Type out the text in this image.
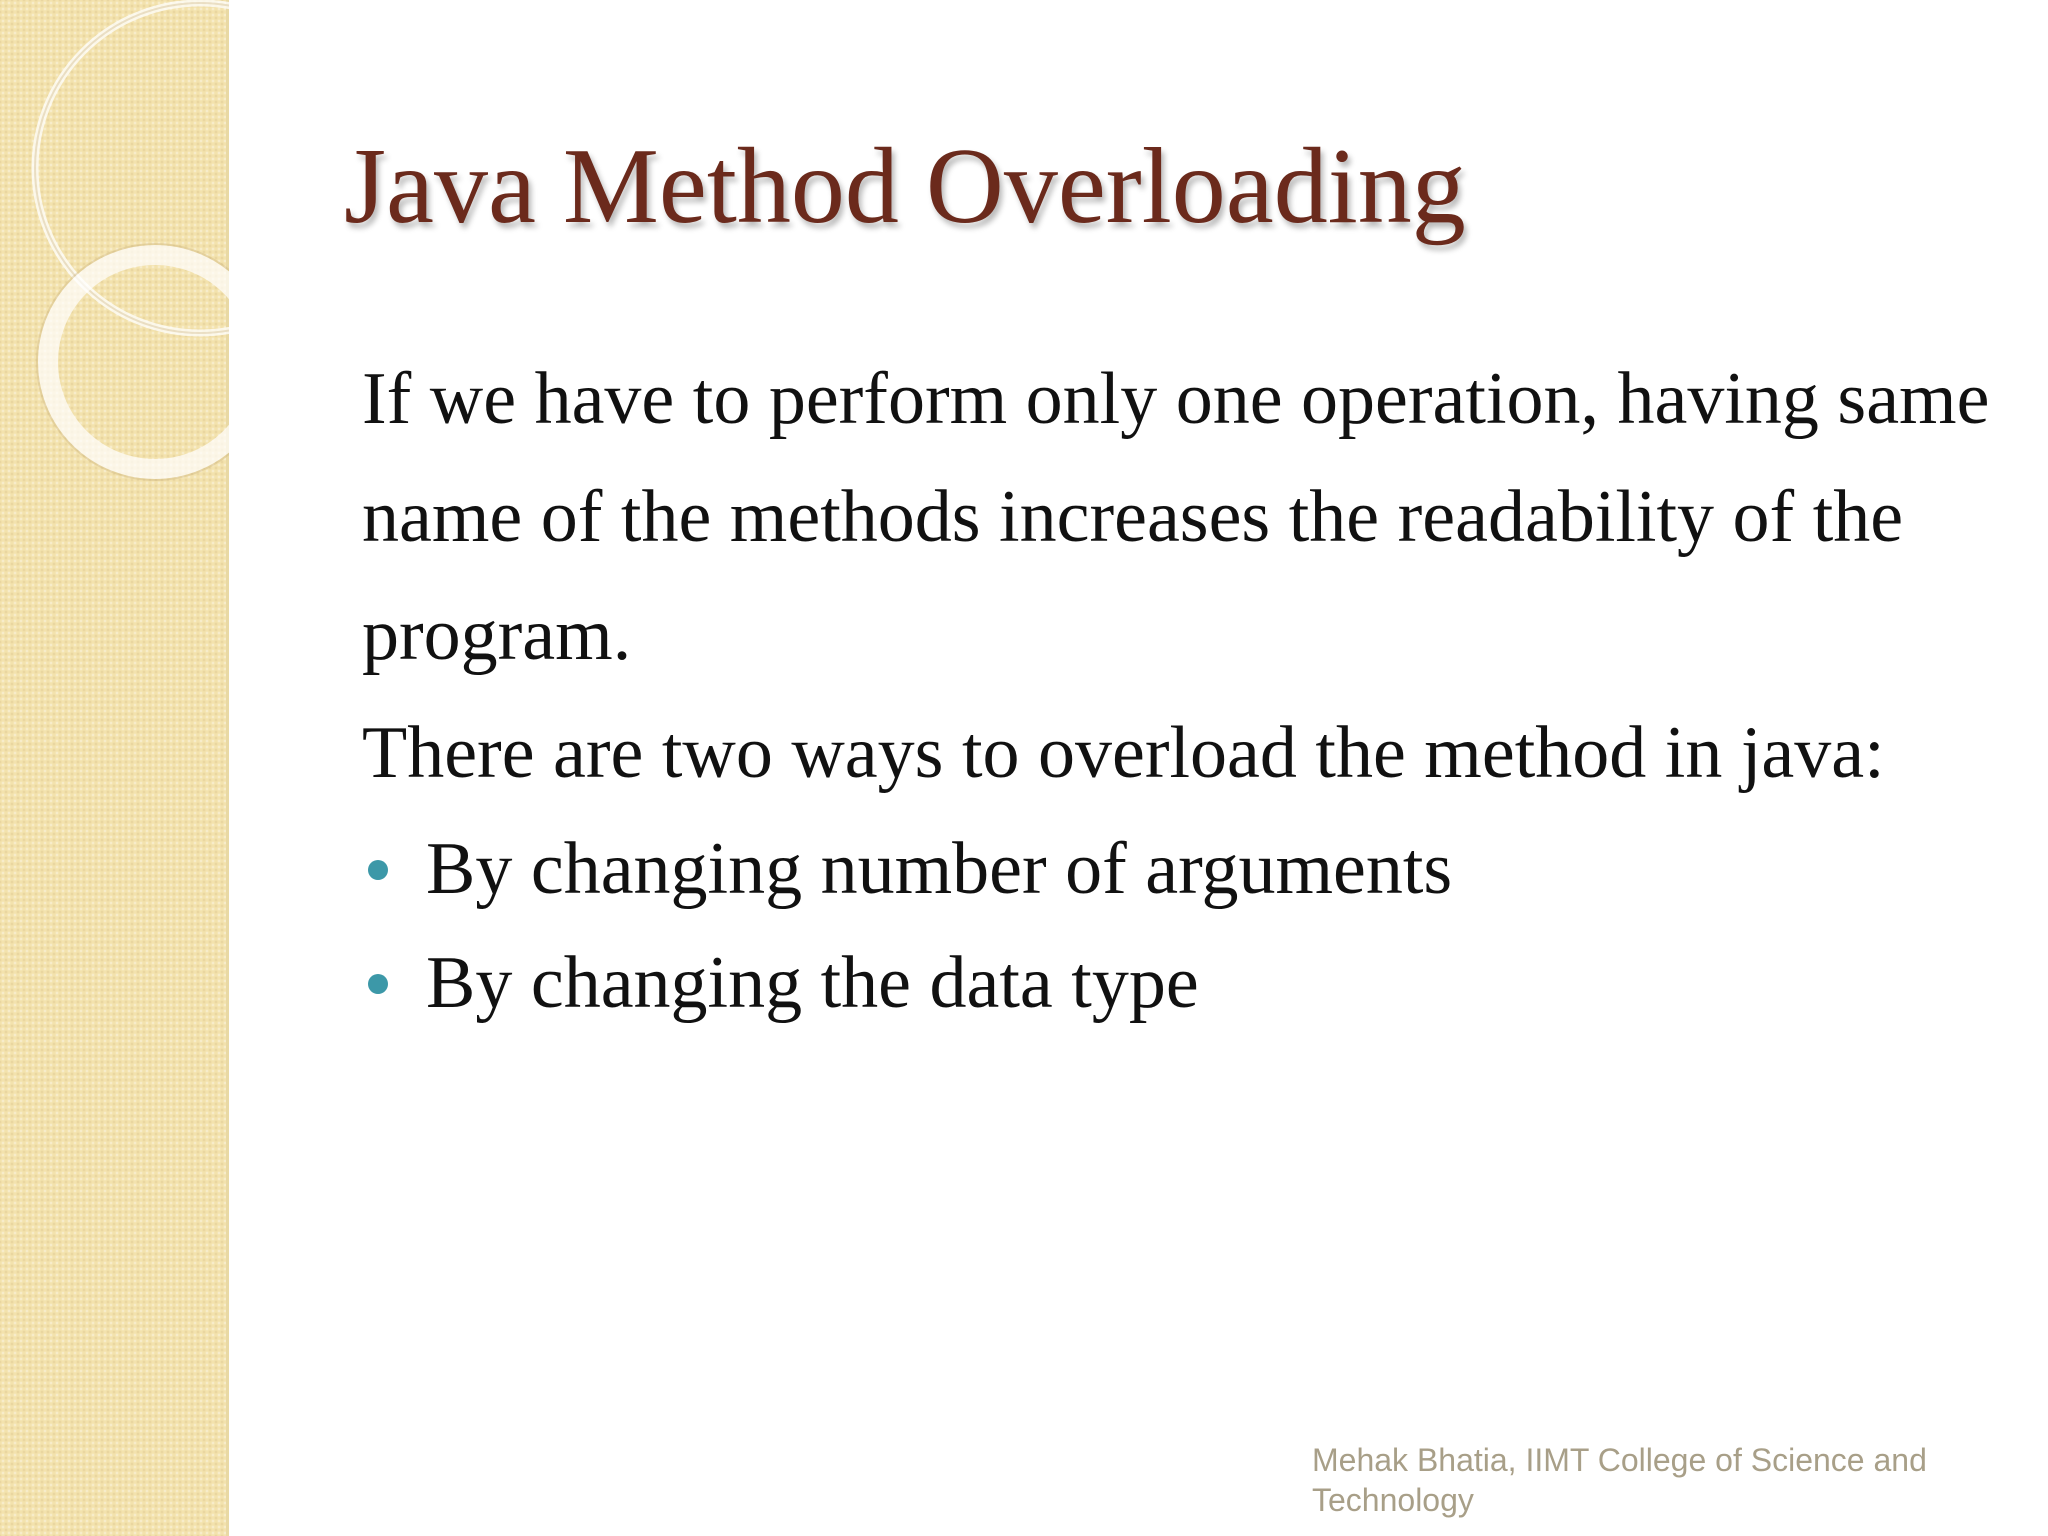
Java Method Overloading

If we have to perform only one operation, having same name of the methods increases the readability of the program.

There are two ways to overload the method in java:

By changing number of arguments
By changing the data type
Mehak Bhatia, IIMT College of Science and Technology
